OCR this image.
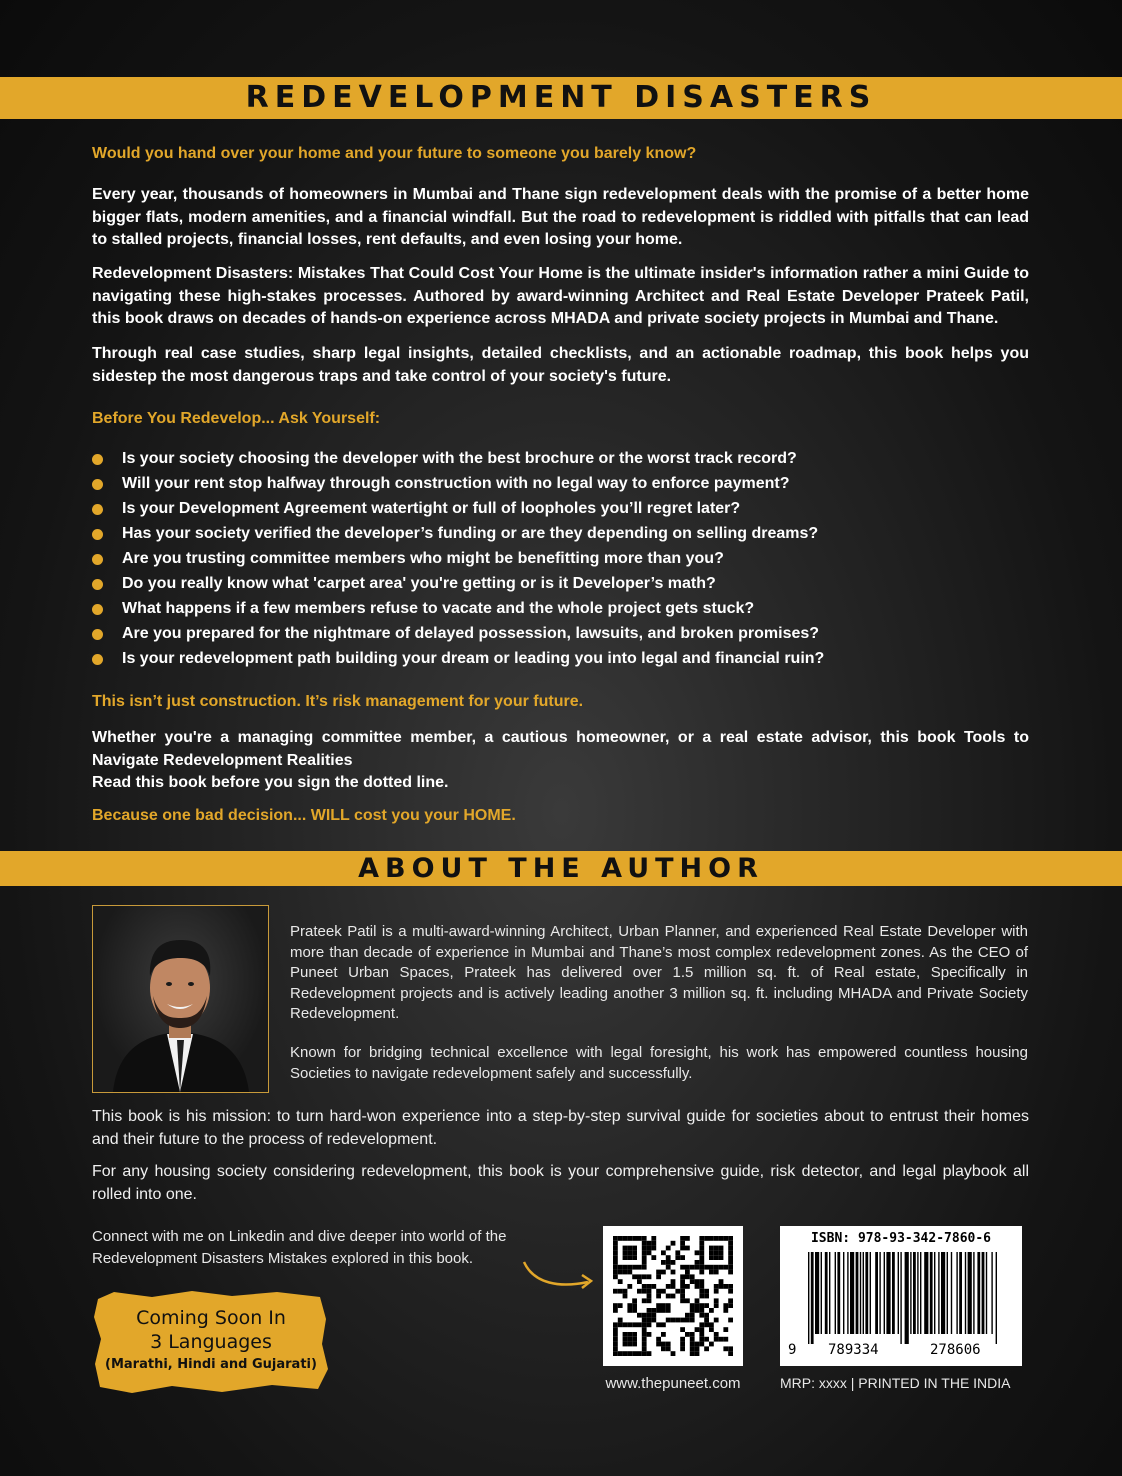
REDEVELOPMENT DISASTERS

Would you hand over your home and your future to someone you barely know?

Every year, thousands of homeowners in Mumbai and Thane sign redevelopment deals with the promise of a better home bigger flats, modern amenities, and a financial windfall. But the road to redevelopment is riddled with pitfalls that can lead to stalled projects, financial losses, rent defaults, and even losing your home.

Redevelopment Disasters: Mistakes That Could Cost Your Home is the ultimate insider's information rather a mini Guide to navigating these high-stakes processes. Authored by award-winning Architect and Real Estate Developer Prateek Patil, this book draws on decades of hands-on experience across MHADA and private society projects in Mumbai and Thane.

Through real case studies, sharp legal insights, detailed checklists, and an actionable roadmap, this book helps you sidestep the most dangerous traps and take control of your society's future.

Before You Redevelop... Ask Yourself:

Is your society choosing the developer with the best brochure or the worst track record?
Will your rent stop halfway through construction with no legal way to enforce payment?
Is your Development Agreement watertight or full of loopholes you’ll regret later?
Has your society verified the developer’s funding or are they depending on selling dreams?
Are you trusting committee members who might be benefitting more than you?
Do you really know what 'carpet area' you're getting or is it Developer’s math?
What happens if a few members refuse to vacate and the whole project gets stuck?
Are you prepared for the nightmare of delayed possession, lawsuits, and broken promises?
Is your redevelopment path building your dream or leading you into legal and financial ruin?

This isn’t just construction. It’s risk management for your future.

Whether you're a managing committee member, a cautious homeowner, or a real estate advisor, this book Tools to Navigate Redevelopment Realities

Read this book before you sign the dotted line.

Because one bad decision... WILL cost you your HOME.

ABOUT THE AUTHOR

Prateek Patil is a multi-award-winning Architect, Urban Planner, and experienced Real Estate Developer with more than decade of experience in Mumbai and Thane’s most complex redevelopment zones. As the CEO of Puneet Urban Spaces, Prateek has delivered over 1.5 million sq. ft. of Real estate, Specifically in Redevelopment projects and is actively leading another 3 million sq. ft. including MHADA and Private Society Redevelopment.

Known for bridging technical excellence with legal foresight, his work has empowered countless housing Societies to navigate redevelopment safely and successfully.

This book is his mission: to turn hard-won experience into a step-by-step survival guide for societies about to entrust their homes and their future to the process of redevelopment.

For any housing society considering redevelopment, this book is your comprehensive guide, risk detector, and legal playbook all rolled into one.

Connect with me on Linkedin and dive deeper into world of the Redevelopment Disasters Mistakes explored in this book.

Coming Soon In
3 Languages
(Marathi, Hindi and Gujarati)
www.thepuneet.com
ISBN: 978-93-342-7860-6
9 789334	278606
MRP: xxxx | PRINTED IN THE INDIA
